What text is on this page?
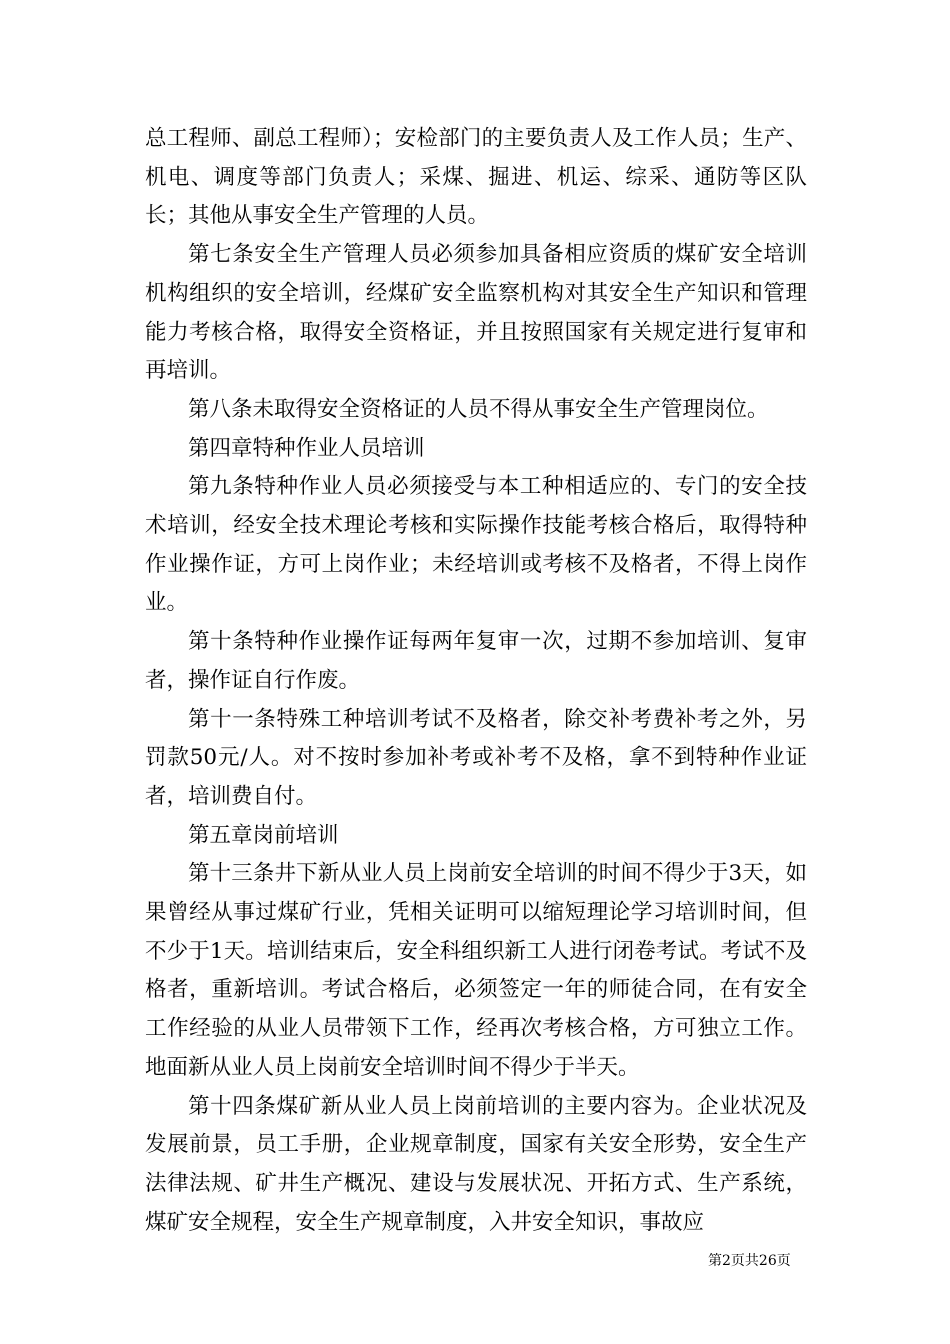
总工程师、副总工程师）；安检部门的主要负责人及工作人员；生产、机电、调度等部门负责人；采煤、掘进、机运、综采、通防等区队长；其他从事安全生产管理的人员。

第七条安全生产管理人员必须参加具备相应资质的煤矿安全培训机构组织的安全培训，经煤矿安全监察机构对其安全生产知识和管理能力考核合格，取得安全资格证，并且按照国家有关规定进行复审和再培训。

第八条未取得安全资格证的人员不得从事安全生产管理岗位。

第四章特种作业人员培训

第九条特种作业人员必须接受与本工种相适应的、专门的安全技术培训，经安全技术理论考核和实际操作技能考核合格后，取得特种作业操作证，方可上岗作业；未经培训或考核不及格者，不得上岗作业。

第十条特种作业操作证每两年复审一次，过期不参加培训、复审者，操作证自行作废。

第十一条特殊工种培训考试不及格者，除交补考费补考之外，另罚款50元/人。对不按时参加补考或补考不及格，拿不到特种作业证者，培训费自付。

第五章岗前培训

第十三条井下新从业人员上岗前安全培训的时间不得少于3天，如果曾经从事过煤矿行业，凭相关证明可以缩短理论学习培训时间，但不少于1天。培训结束后，安全科组织新工人进行闭卷考试。考试不及格者，重新培训。考试合格后，必须签定一年的师徒合同，在有安全工作经验的从业人员带领下工作，经再次考核合格，方可独立工作。地面新从业人员上岗前安全培训时间不得少于半天。

第十四条煤矿新从业人员上岗前培训的主要内容为。企业状况及发展前景，员工手册，企业规章制度，国家有关安全形势，安全生产法律法规、矿井生产概况、建设与发展状况、开拓方式、生产系统，煤矿安全规程，安全生产规章制度，入井安全知识，事故应

第2页共26页
